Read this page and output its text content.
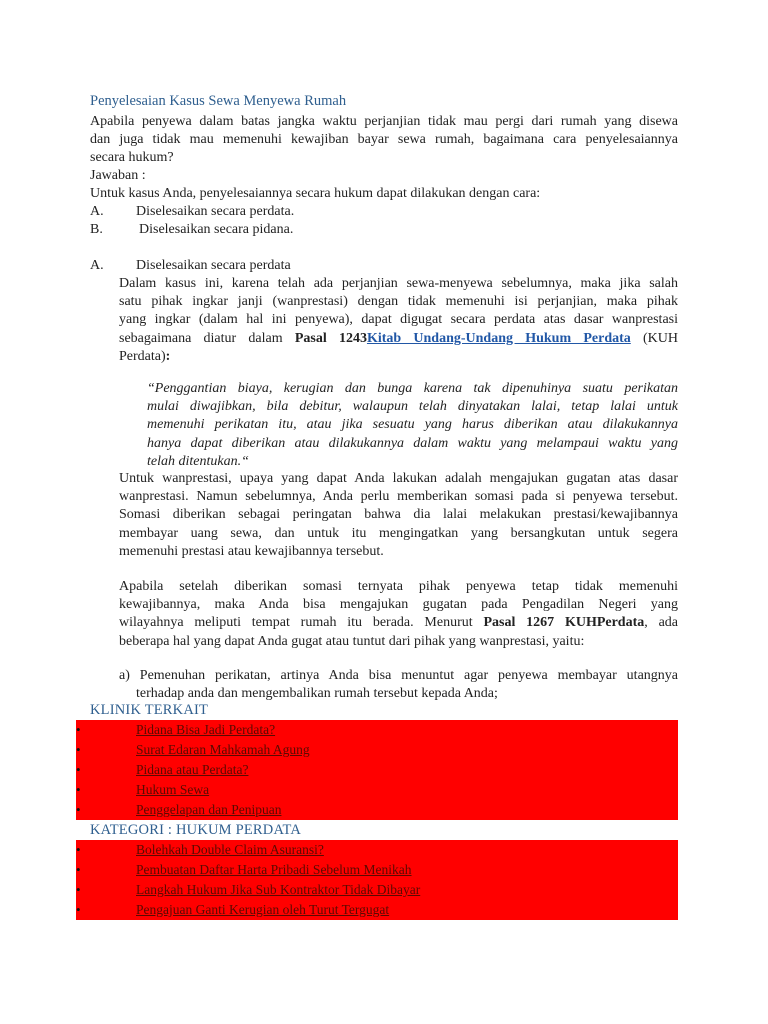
Penyelesaian Kasus Sewa Menyewa Rumah
Apabila penyewa dalam batas jangka waktu perjanjian tidak mau pergi dari rumah yang disewa
dan juga tidak mau memenuhi kewajiban bayar sewa rumah, bagaimana cara penyelesaiannya
secara hukum?
Jawaban :
Untuk kasus Anda, penyelesaiannya secara hukum dapat dilakukan dengan cara:
A. Diselesaikan secara perdata.
B.	Diselesaikan secara pidana.
A. Diselesaikan secara perdata
Dalam kasus ini, karena telah ada perjanjian sewa-menyewa sebelumnya, maka jika salah
satu pihak ingkar janji (wanprestasi) dengan tidak memenuhi isi perjanjian, maka pihak
yang ingkar (dalam hal ini penyewa), dapat digugat secara perdata atas dasar wanprestasi
sebagaimana diatur dalam Pasal 1243Kitab Undang-Undang Hukum Perdata (KUH
Perdata):
“Penggantian biaya, kerugian dan bunga karena tak dipenuhinya suatu perikatan
mulai diwajibkan, bila debitur, walaupun telah dinyatakan lalai, tetap lalai untuk
memenuhi perikatan itu, atau jika sesuatu yang harus diberikan atau dilakukannya
hanya dapat diberikan atau dilakukannya dalam waktu yang melampaui waktu yang
telah ditentukan.“
Untuk wanprestasi, upaya yang dapat Anda lakukan adalah mengajukan gugatan atas dasar
wanprestasi. Namun sebelumnya, Anda perlu memberikan somasi pada si penyewa tersebut.
Somasi diberikan sebagai peringatan bahwa dia lalai melakukan prestasi/kewajibannya
membayar uang sewa, dan untuk itu mengingatkan yang bersangkutan untuk segera
memenuhi prestasi atau kewajibannya tersebut.
Apabila setelah diberikan somasi ternyata pihak penyewa tetap tidak memenuhi
kewajibannya, maka Anda bisa mengajukan gugatan pada Pengadilan Negeri yang
wilayahnya meliputi tempat rumah itu berada. Menurut Pasal 1267 KUHPerdata, ada
beberapa hal yang dapat Anda gugat atau tuntut dari pihak yang wanprestasi, yaitu:
a) Pemenuhan perikatan, artinya Anda bisa menuntut agar penyewa membayar utangnya
terhadap anda dan mengembalikan rumah tersebut kepada Anda;
KLINIK TERKAIT
•	Pidana Bisa Jadi Perdata?
•	Surat Edaran Mahkamah Agung
•	Pidana atau Perdata?
•	Hukum Sewa
•	Penggelapan dan Penipuan
KATEGORI : HUKUM PERDATA
•	Bolehkah Double Claim Asuransi?
•	Pembuatan Daftar Harta Pribadi Sebelum Menikah
•	Langkah Hukum Jika Sub Kontraktor Tidak Dibayar
•	Pengajuan Ganti Kerugian oleh Turut Tergugat
